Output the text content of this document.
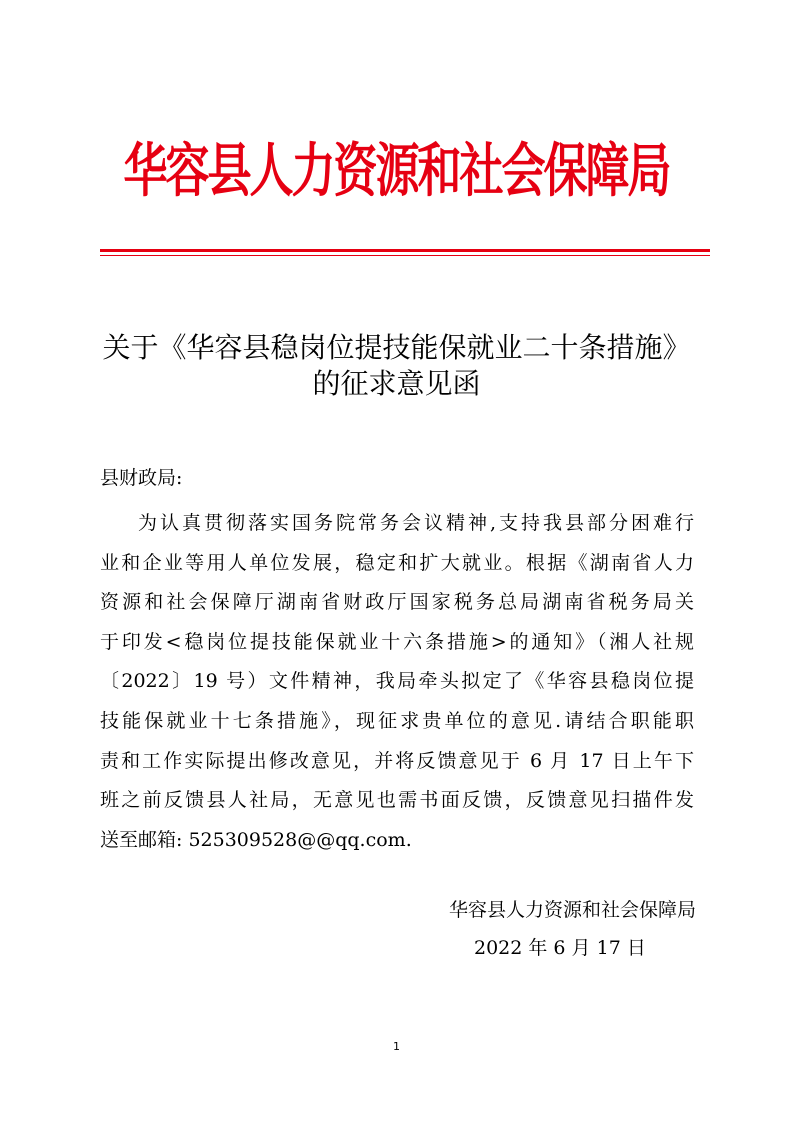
华容县人力资源和社会保障局
关于《华容县稳岗位提技能保就业二十条措施》
的征求意见函
县财政局:
为认真贯彻落实国务院常务会议精神,支持我县部分困难行
业和企业等用人单位发展，稳定和扩大就业。根据《湖南省人力
资源和社会保障厅湖南省财政厅国家税务总局湖南省税务局关
于印发<稳岗位提技能保就业十六条措施>的通知》（湘人社规
〔2022〕19 号）文件精神，我局牵头拟定了《华容县稳岗位提
技能保就业十七条措施》，现征求贵单位的意见.请结合职能职
责和工作实际提出修改意见，并将反馈意见于 6 月 17 日上午下
班之前反馈县人社局，无意见也需书面反馈，反馈意见扫描件发
送至邮箱: 525309528@@qq.com.
华容县人力资源和社会保障局
2022 年 6 月 17 日
1
